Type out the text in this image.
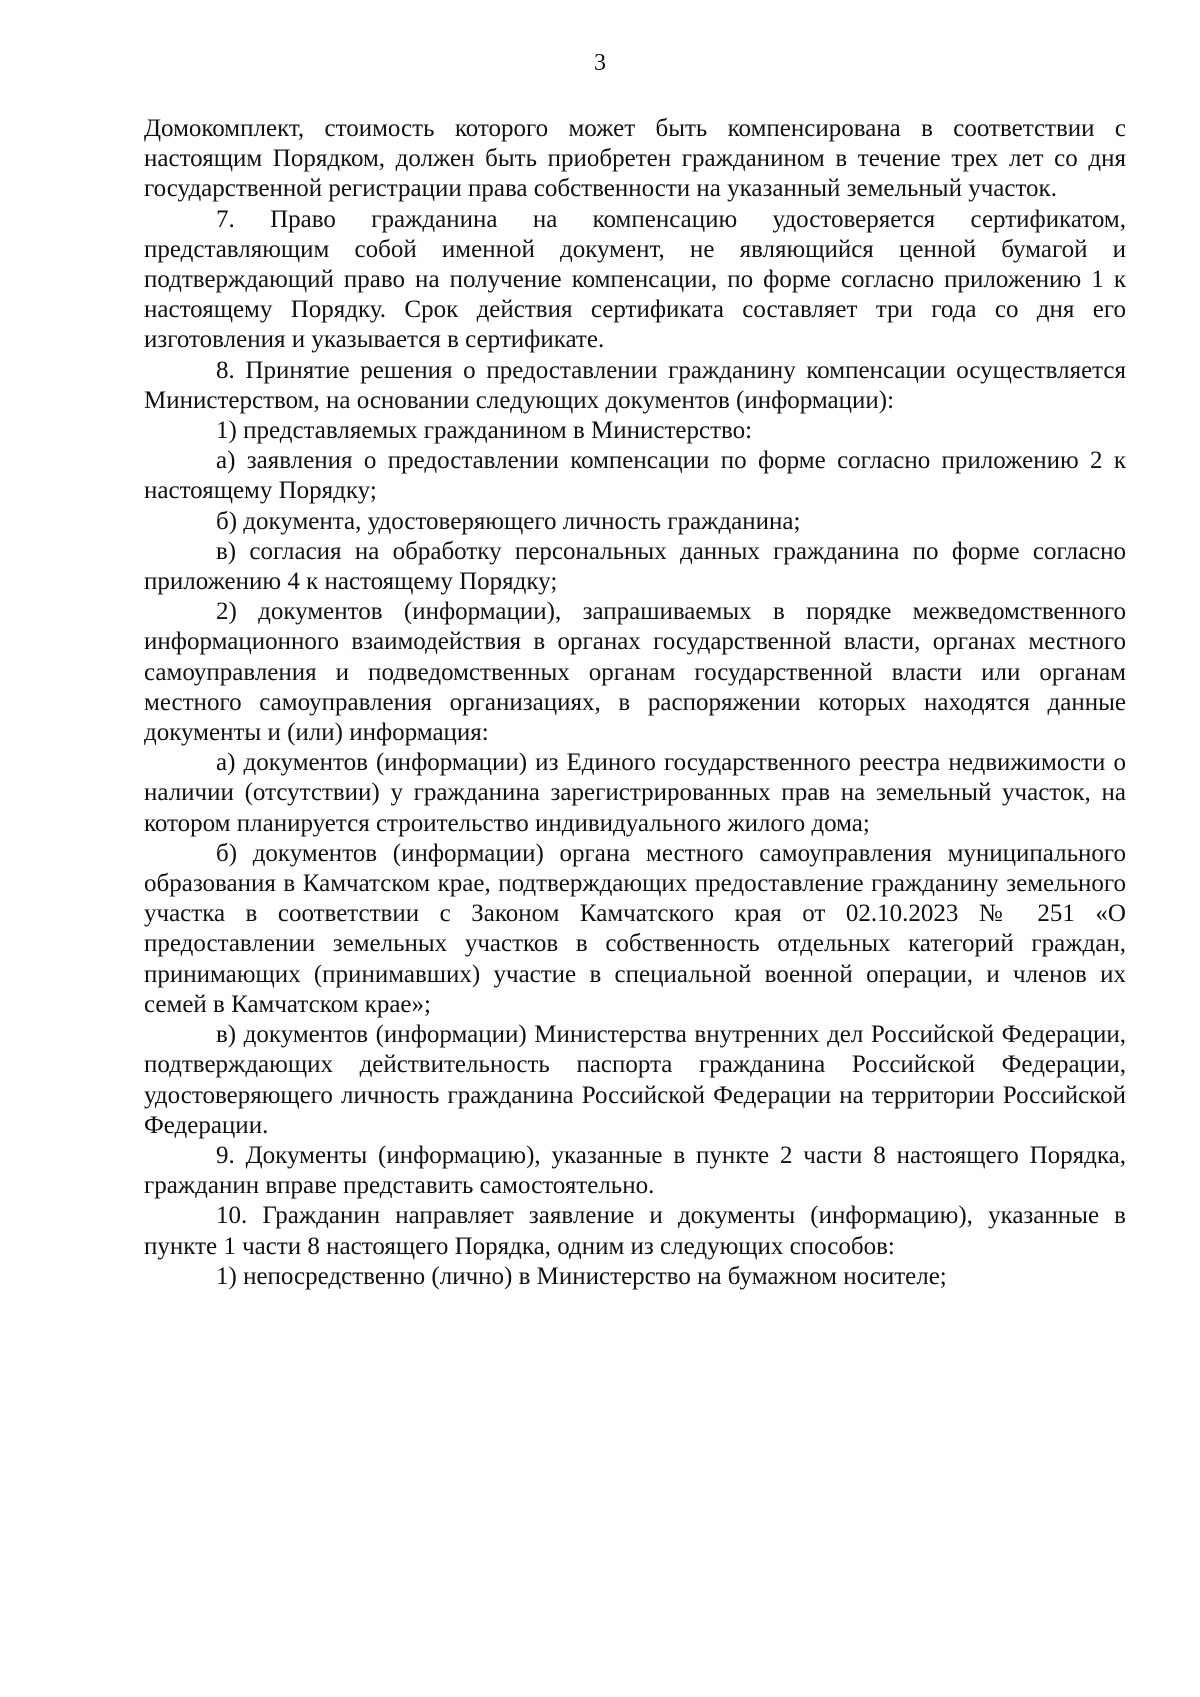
3

Домокомплект, стоимость которого может быть компенсирована в соответствии с настоящим Порядком, должен быть приобретен гражданином в течение трех лет со дня государственной регистрации права собственности на указанный земельный участок.

7. Право гражданина на компенсацию удостоверяется сертификатом, представляющим собой именной документ, не являющийся ценной бумагой и подтверждающий право на получение компенсации, по форме согласно приложению 1 к настоящему Порядку. Срок действия сертификата составляет три года со дня его изготовления и указывается в сертификате.

8. Принятие решения о предоставлении гражданину компенсации осуществляется Министерством, на основании следующих документов (информации):

1) представляемых гражданином в Министерство:

а) заявления о предоставлении компенсации по форме согласно приложению 2 к настоящему Порядку;

б) документа, удостоверяющего личность гражданина;

в) согласия на обработку персональных данных гражданина по форме согласно приложению 4 к настоящему Порядку;

2) документов (информации), запрашиваемых в порядке межведомственного информационного взаимодействия в органах государственной власти, органах местного самоуправления и подведомственных органам государственной власти или органам местного самоуправления организациях, в распоряжении которых находятся данные документы и (или) информация:

а) документов (информации) из Единого государственного реестра недвижимости о наличии (отсутствии) у гражданина зарегистрированных прав на земельный участок, на котором планируется строительство индивидуального жилого дома;

б) документов (информации) органа местного самоуправления муниципального образования в Камчатском крае, подтверждающих предоставление гражданину земельного участка в соответствии с Законом Камчатского края от 02.10.2023 № 251 «О предоставлении земельных участков в собственность отдельных категорий граждан, принимающих (принимавших) участие в специальной военной операции, и членов их семей в Камчатском крае»;

в) документов (информации) Министерства внутренних дел Российской Федерации, подтверждающих действительность паспорта гражданина Российской Федерации, удостоверяющего личность гражданина Российской Федерации на территории Российской Федерации.

9. Документы (информацию), указанные в пункте 2 части 8 настоящего Порядка, гражданин вправе представить самостоятельно.

10. Гражданин направляет заявление и документы (информацию), указанные в пункте 1 части 8 настоящего Порядка, одним из следующих способов:

1) непосредственно (лично) в Министерство на бумажном носителе;
